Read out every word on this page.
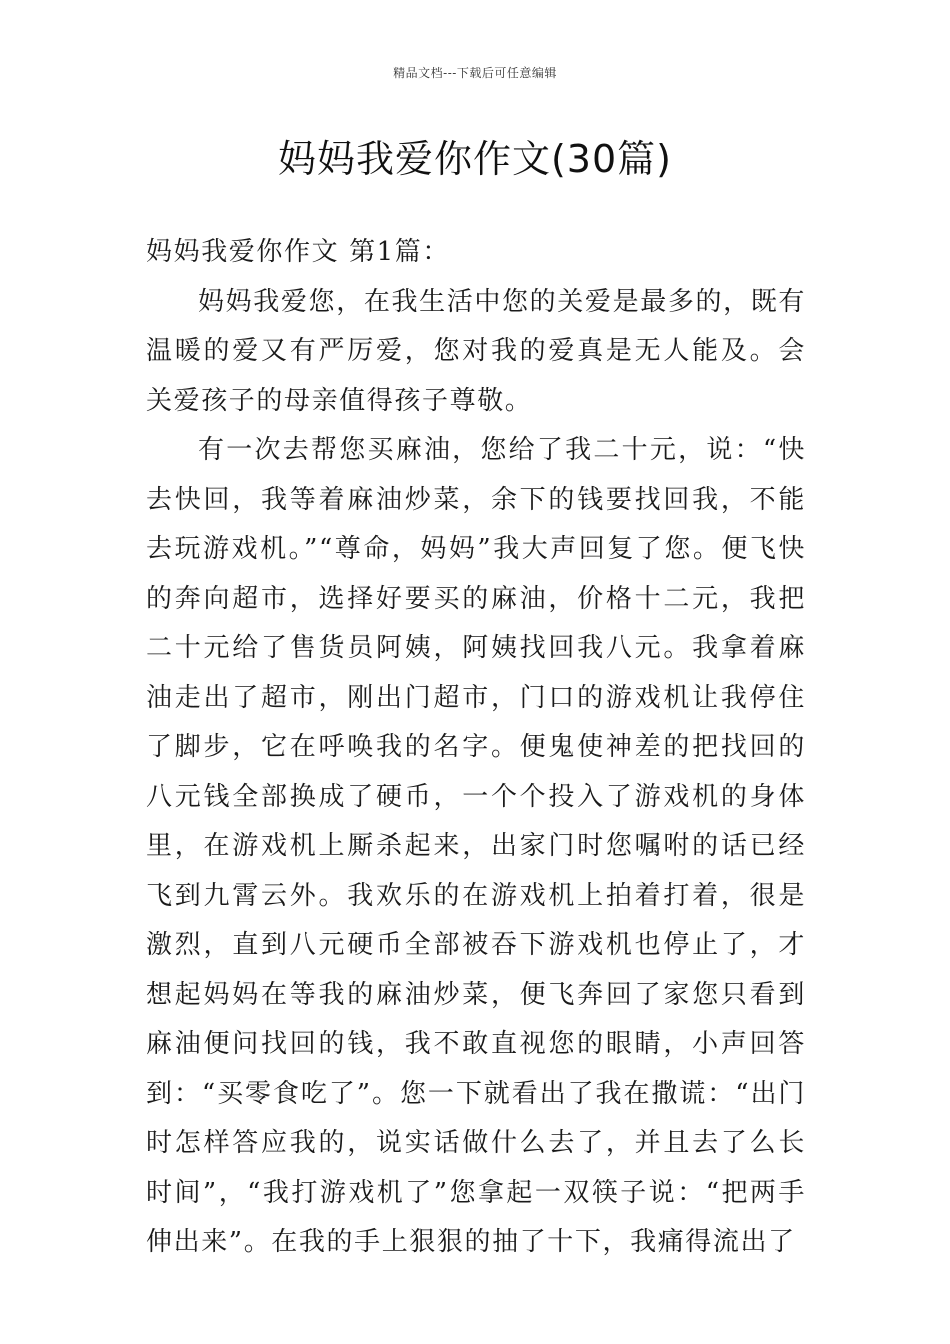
精品文档---下载后可任意编辑
妈妈我爱你作文(30篇)

妈妈我爱你作文 第1篇：

妈妈我爱您，在我生活中您的关爱是最多的，既有温暖的爱又有严厉爱，您对我的爱真是无人能及。会关爱孩子的母亲值得孩子尊敬。

有一次去帮您买麻油，您给了我二十元，说：“快去快回，我等着麻油炒菜，余下的钱要找回我，不能去玩游戏机。”“尊命，妈妈”我大声回复了您。便飞快的奔向超市，选择好要买的麻油，价格十二元，我把二十元给了售货员阿姨，阿姨找回我八元。我拿着麻油走出了超市，刚出门超市，门口的游戏机让我停住了脚步，它在呼唤我的名字。便鬼使神差的把找回的八元钱全部换成了硬币，一个个投入了游戏机的身体里，在游戏机上厮杀起来，出家门时您嘱咐的话已经飞到九霄云外。我欢乐的在游戏机上拍着打着，很是激烈，直到八元硬币全部被吞下游戏机也停止了，才想起妈妈在等我的麻油炒菜，便飞奔回了家您只看到麻油便问找回的钱，我不敢直视您的眼睛，小声回答到：“买零食吃了”。您一下就看出了我在撒谎：“出门时怎样答应我的，说实话做什么去了，并且去了么长时间”，“我打游戏机了”您拿起一双筷子说：“把两手伸出来”。在我的手上狠狠的抽了十下，我痛得流出了
